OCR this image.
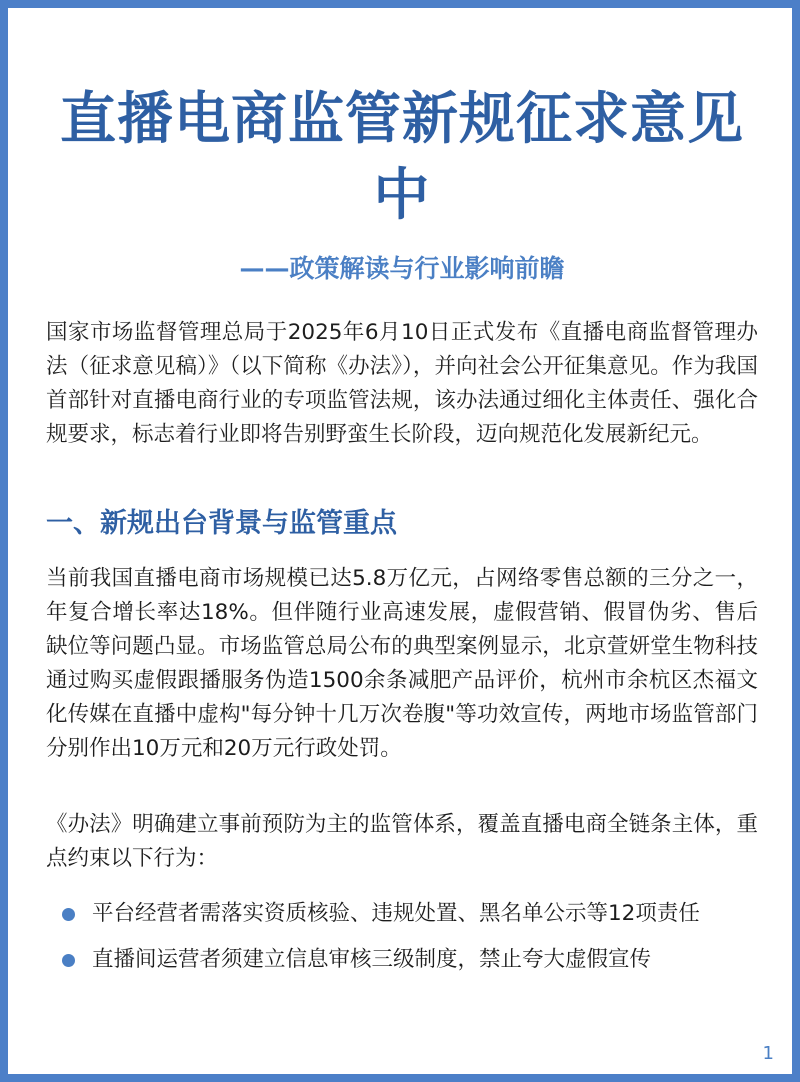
直播电商监管新规征求意见中
——政策解读与行业影响前瞻

国家市场监督管理总局于2025年6月10日正式发布《直播电商监督管理办法（征求意见稿）》（以下简称《办法》），并向社会公开征集意见。作为我国首部针对直播电商行业的专项监管法规，该办法通过细化主体责任、强化合规要求，标志着行业即将告别野蛮生长阶段，迈向规范化发展新纪元。

一、新规出台背景与监管重点

当前我国直播电商市场规模已达5.8万亿元，占网络零售总额的三分之一，年复合增长率达18%。但伴随行业高速发展，虚假营销、假冒伪劣、售后缺位等问题凸显。市场监管总局公布的典型案例显示，北京萱妍堂生物科技通过购买虚假跟播服务伪造1500余条减肥产品评价，杭州市余杭区杰福文化传媒在直播中虚构"每分钟十几万次卷腹"等功效宣传，两地市场监管部门分别作出10万元和20万元行政处罚。

《办法》明确建立事前预防为主的监管体系，覆盖直播电商全链条主体，重点约束以下行为：

平台经营者需落实资质核验、违规处置、黑名单公示等12项责任
直播间运营者须建立信息审核三级制度，禁止夸大虚假宣传
1
